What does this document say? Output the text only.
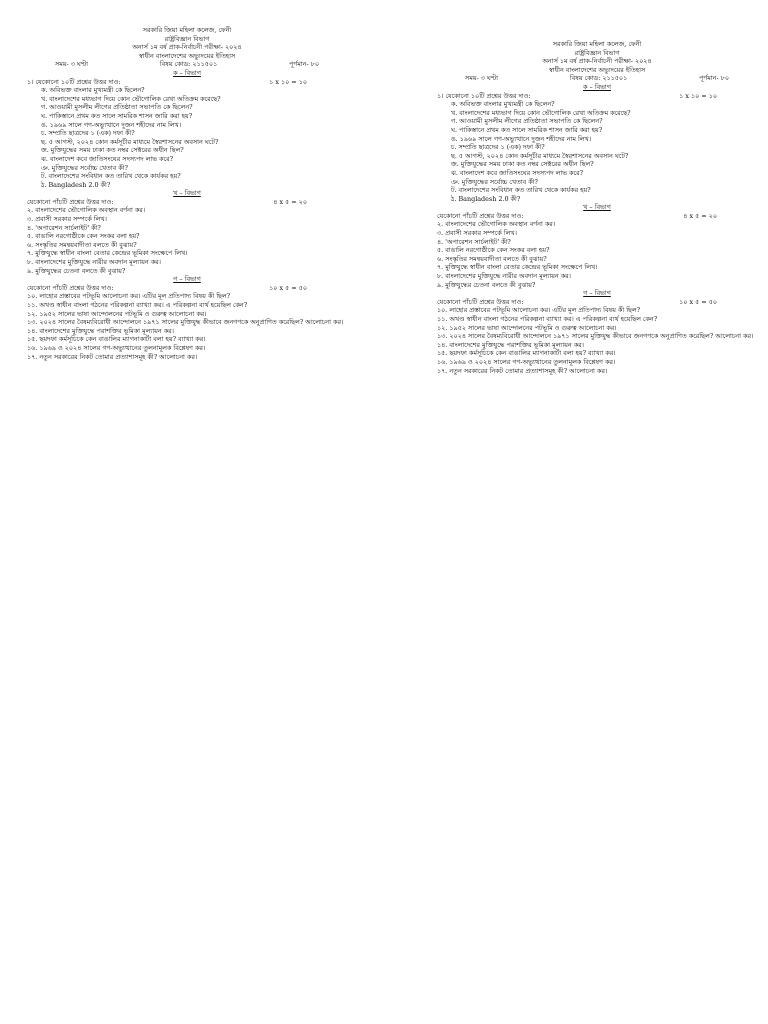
সরকারি জিয়া মহিলা কলেজ, ফেনী
রাষ্ট্রবিজ্ঞান বিভাগ
অনার্স ১ম বর্ষ প্রাক-নির্বাচনী পরীক্ষা- ২০২৪
স্বাধীন বাংলাদেশের অভ্যুদয়ের ইতিহাস
সময়- ৩ ঘণ্টা	বিষয় কোড: ২১১৫০১	পূর্ণমান- ৮০
ক – বিভাগ
১। যেকোনো ১০টি প্রশ্নের উত্তর দাও:	১ x ১০ = ১০
ক. অবিভক্ত বাংলার মুখ্যমন্ত্রী কে ছিলেন?
খ. বাংলাদেশের মধ্যভাগ দিয়ে কোন ভৌগোলিক রেখা অতিক্রম করেছে?
গ. আওয়ামী মুসলীম লীগের প্রতিষ্ঠাতা সভাপতি কে ছিলেন?
ঘ. পাকিস্তানে প্রথম কত সালে সামরিক শাসন জারি করা হয়?
ঙ. ১৯৬৯ সালে গণ-অভ্যুত্থানে দুজন শহীদের নাম লিখ।
চ. সম্প্রতি ছাত্রদের ১ (এক) দফা কী?
ছ. ৫ আগস্ট, ২০২৪ কোন কর্মসূচীর মাধ্যমে স্বৈরশাসনের অবসান ঘটে?
জ. মুক্তিযুদ্ধের সময় ঢাকা কত নম্বর সেক্টরের অধীন ছিল?
ঝ. বাংলাদেশ কবে জাতিসংঘের সদস্যপদ লাভ করে?
ঞ. মুক্তিযুদ্ধের সর্বোচ্চ খেতাব কী?
ট. বাংলাদেশের সংবিধান কত তারিখ থেকে কার্যকর হয়?
ঠ. Bangladesh 2.0 কী?
খ – বিভাগ
যেকোনো পাঁচটি প্রশ্নের উত্তর দাও:	৪ x ৫ = ২০
২. বাংলাদেশের ভৌগোলিক অবস্থান বর্ণনা কর।
৩. প্রবাসী সরকার সম্পর্কে লিখ।
৪. 'অপারেশন সার্চলাইট' কী?
৫. বাঙালি নরগোষ্ঠীকে কেন সংকর বলা হয়?
৬. সংস্কৃতির সমন্বয়বাদীতা বলতে কী বুঝায়?
৭. মুক্তিযুদ্ধে স্বাধীন বাংলা বেতার কেন্দ্রের ভূমিকা সংক্ষেপে লিখ।
৮. বাংলাদেশের মুক্তিযুদ্ধে নারীর অবদান মূল্যায়ন কর।
৯. মুক্তিযুদ্ধের চেতনা বলতে কী বুঝায়?
গ – বিভাগ
যেকোনো পাঁচটি প্রশ্নের উত্তর দাও:	১০ x ৫ = ৫০
১০. লাহোর প্রস্তাবের পটভূমি আলোচনা কর। এটির মূল প্রতিপাদ্য বিষয় কী ছিল?
১১. অখণ্ড স্বাধীন বাংলা গঠনের পরিকল্পনা ব্যাখ্যা কর। এ পরিকল্পনা ব্যর্থ হয়েছিল কেন?
১২. ১৯৫২ সালের ভাষা আন্দোলনের পটভূমি ও গুরুত্ব আলোচনা কর।
১৩. ২০২৪ সালের বৈষম্যবিরোধী আন্দোলনে ১৯৭১ সালের মুক্তিযুদ্ধ কীভাবে জনগণকে অনুপ্রাণিত করেছিল? আলোচনা কর।
১৪. বাংলাদেশের মুক্তিযুদ্ধে পরাশক্তির ভূমিকা মূল্যায়ন কর।
১৫. ছয়দফা কর্মসূচিকে কেন বাঙালির ম্যাগনাকার্টা বলা হয়? ব্যাখ্যা কর।
১৬. ১৯৬৯ ও ২০২৪ সালের গণ-অভ্যুত্থানের তুলনামূলক বিশ্লেষণ কর।
১৭. নতুন সরকারের নিকট তোমার প্রত্যাশাসমূহ কী? আলোচনা কর।
সরকারি জিয়া মহিলা কলেজ, ফেনী
রাষ্ট্রবিজ্ঞান বিভাগ
অনার্স ১ম বর্ষ প্রাক-নির্বাচনী পরীক্ষা- ২০২৪
স্বাধীন বাংলাদেশের অভ্যুদয়ের ইতিহাস
সময়- ৩ ঘণ্টা	বিষয় কোড: ২১১৫০১	পূর্ণমান- ৮০
ক – বিভাগ
১। যেকোনো ১০টি প্রশ্নের উত্তর দাও:	১ x ১০ = ১০
ক. অবিভক্ত বাংলার মুখ্যমন্ত্রী কে ছিলেন?
খ. বাংলাদেশের মধ্যভাগ দিয়ে কোন ভৌগোলিক রেখা অতিক্রম করেছে?
গ. আওয়ামী মুসলীম লীগের প্রতিষ্ঠাতা সভাপতি কে ছিলেন?
ঘ. পাকিস্তানে প্রথম কত সালে সামরিক শাসন জারি করা হয়?
ঙ. ১৯৬৯ সালে গণ-অভ্যুত্থানে দুজন শহীদের নাম লিখ।
চ. সম্প্রতি ছাত্রদের ১ (এক) দফা কী?
ছ. ৫ আগস্ট, ২০২৪ কোন কর্মসূচীর মাধ্যমে স্বৈরশাসনের অবসান ঘটে?
জ. মুক্তিযুদ্ধের সময় ঢাকা কত নম্বর সেক্টরের অধীন ছিল?
ঝ. বাংলাদেশ কবে জাতিসংঘের সদস্যপদ লাভ করে?
ঞ. মুক্তিযুদ্ধের সর্বোচ্চ খেতাব কী?
ট. বাংলাদেশের সংবিধান কত তারিখ থেকে কার্যকর হয়?
ঠ. Bangladesh 2.0 কী?
খ – বিভাগ
যেকোনো পাঁচটি প্রশ্নের উত্তর দাও:	৪ x ৫ = ২০
২. বাংলাদেশের ভৌগোলিক অবস্থান বর্ণনা কর।
৩. প্রবাসী সরকার সম্পর্কে লিখ।
৪. 'অপারেশন সার্চলাইট' কী?
৫. বাঙালি নরগোষ্ঠীকে কেন সংকর বলা হয়?
৬. সংস্কৃতির সমন্বয়বাদীতা বলতে কী বুঝায়?
৭. মুক্তিযুদ্ধে স্বাধীন বাংলা বেতার কেন্দ্রের ভূমিকা সংক্ষেপে লিখ।
৮. বাংলাদেশের মুক্তিযুদ্ধে নারীর অবদান মূল্যায়ন কর।
৯. মুক্তিযুদ্ধের চেতনা বলতে কী বুঝায়?
গ – বিভাগ
যেকোনো পাঁচটি প্রশ্নের উত্তর দাও:	১০ x ৫ = ৫০
১০. লাহোর প্রস্তাবের পটভূমি আলোচনা কর। এটির মূল প্রতিপাদ্য বিষয় কী ছিল?
১১. অখণ্ড স্বাধীন বাংলা গঠনের পরিকল্পনা ব্যাখ্যা কর। এ পরিকল্পনা ব্যর্থ হয়েছিল কেন?
১২. ১৯৫২ সালের ভাষা আন্দোলনের পটভূমি ও গুরুত্ব আলোচনা কর।
১৩. ২০২৪ সালের বৈষম্যবিরোধী আন্দোলনে ১৯৭১ সালের মুক্তিযুদ্ধ কীভাবে জনগণকে অনুপ্রাণিত করেছিল? আলোচনা কর।
১৪. বাংলাদেশের মুক্তিযুদ্ধে পরাশক্তির ভূমিকা মূল্যায়ন কর।
১৫. ছয়দফা কর্মসূচিকে কেন বাঙালির ম্যাগনাকার্টা বলা হয়? ব্যাখ্যা কর।
১৬. ১৯৬৯ ও ২০২৪ সালের গণ-অভ্যুত্থানের তুলনামূলক বিশ্লেষণ কর।
১৭. নতুন সরকারের নিকট তোমার প্রত্যাশাসমূহ কী? আলোচনা কর।
